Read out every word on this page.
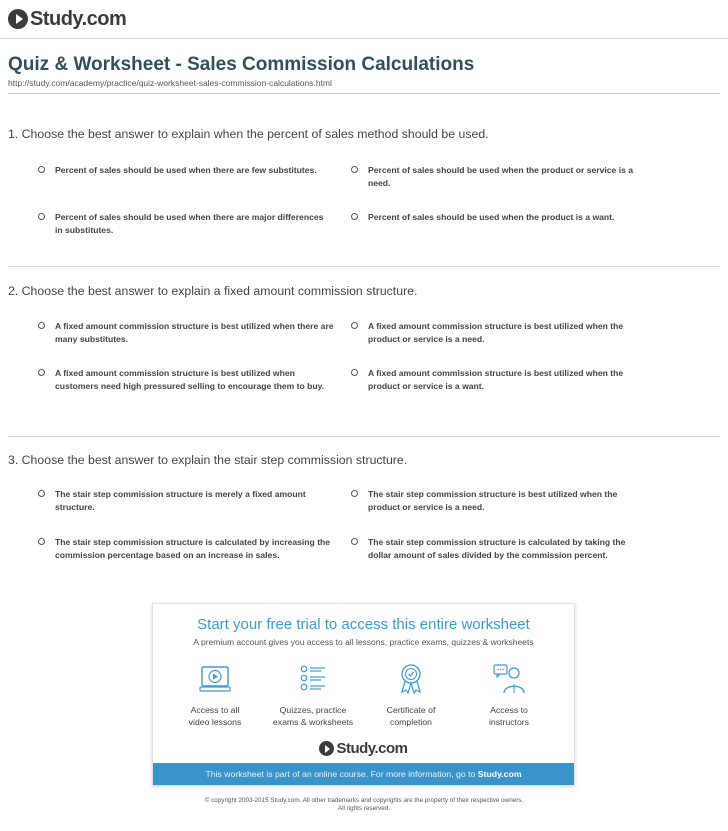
Study.com
Quiz & Worksheet - Sales Commission Calculations
http://study.com/academy/practice/quiz-worksheet-sales-commission-calculations.html
1. Choose the best answer to explain when the percent of sales method should be used.
Percent of sales should be used when there are few substitutes.	Percent of sales should be used when the product or service is a need.
Percent of sales should be used when there are major differences in substitutes.
Percent of sales should be used when the product is a want.
2. Choose the best answer to explain a fixed amount commission structure.
A fixed amount commission structure is best utilized when there are many substitutes.
A fixed amount commission structure is best utilized when the product or service is a need.
A fixed amount commission structure is best utilized when customers need high pressured selling to encourage them to buy.
A fixed amount commission structure is best utilized when the product or service is a want.
3. Choose the best answer to explain the stair step commission structure.
The stair step commission structure is merely a fixed amount structure.
The stair step commission structure is best utilized when the product or service is a need.
The stair step commission structure is calculated by increasing the commission percentage based on an increase in sales.
The stair step commission structure is calculated by taking the dollar amount of sales divided by the commission percent.
Start your free trial to access this entire worksheet
A premium account gives you access to all lessons, practice exams, quizzes & worksheets
Access to all
video lessons
Quizzes, practice
exams & worksheets
Certificate of
completion
Access to
instructors
Study.com
This worksheet is part of an online course. For more information, go to Study.com
© copyright 2003-2015 Study.com. All other trademarks and copyrights are the property of their respective owners.
All rights reserved.
